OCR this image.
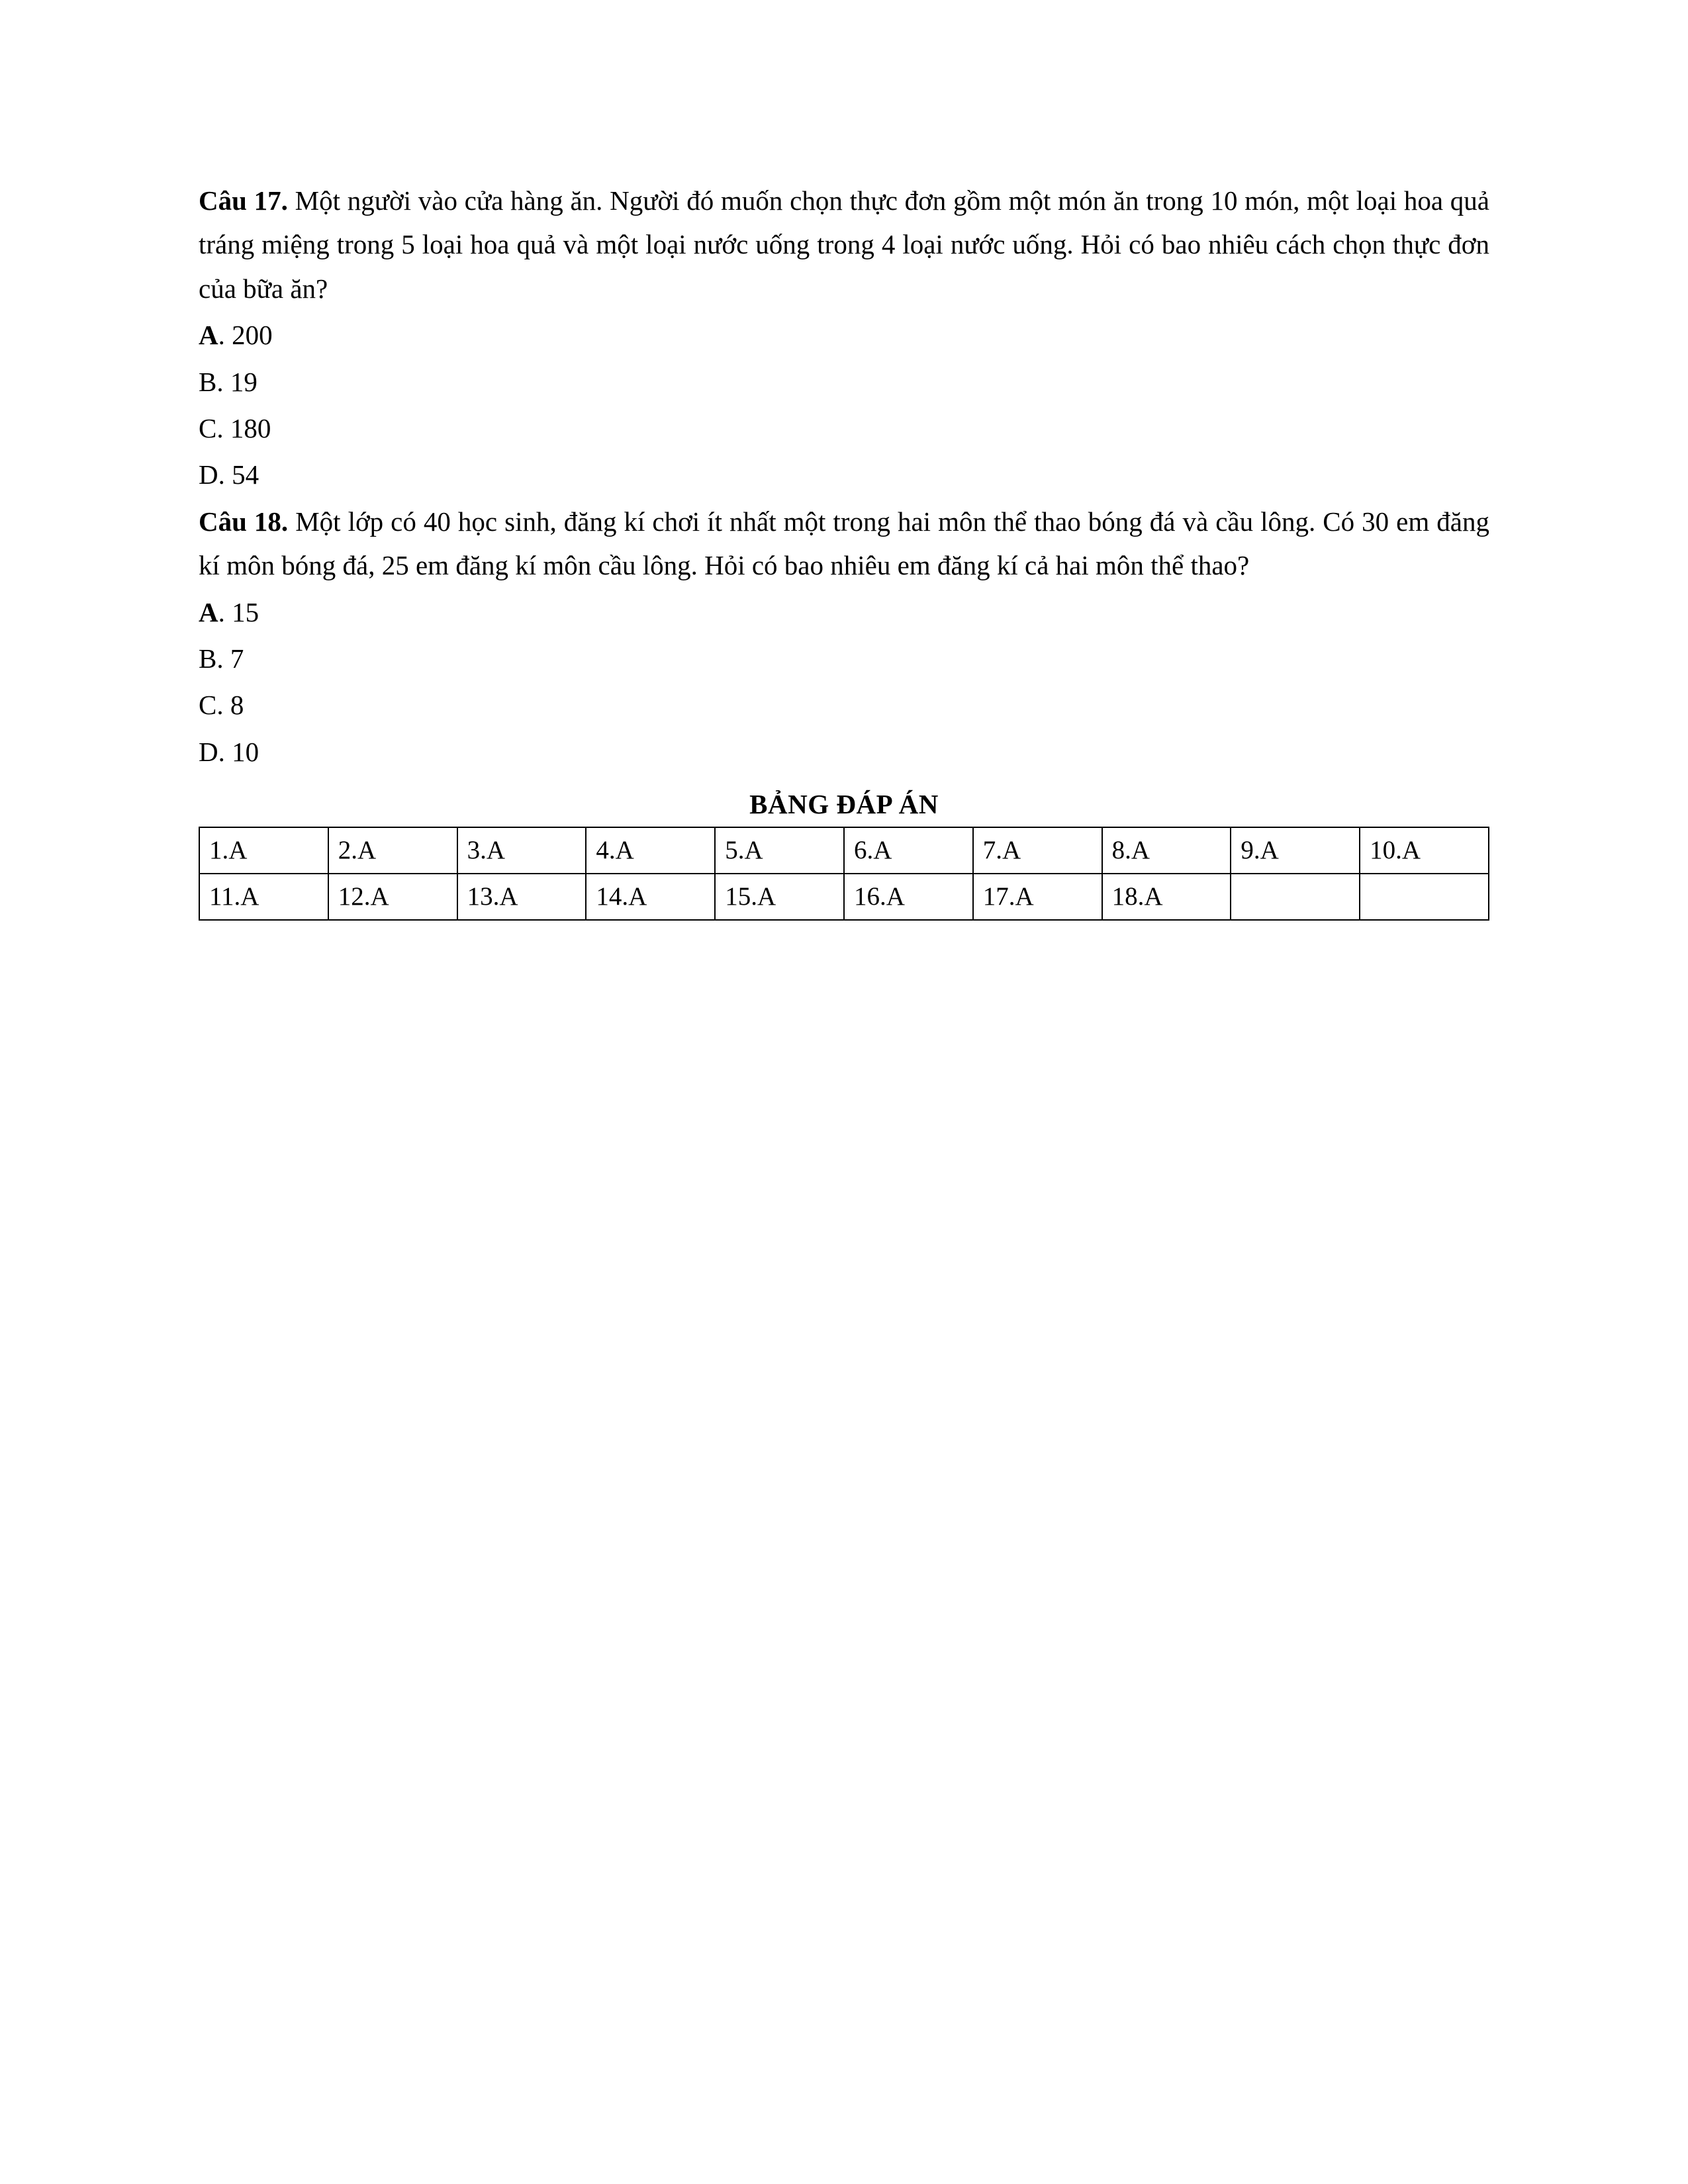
Câu 17. Một người vào cửa hàng ăn. Người đó muốn chọn thực đơn gồm một món ăn trong 10 món, một loại hoa quả tráng miệng trong 5 loại hoa quả và một loại nước uống trong 4 loại nước uống. Hỏi có bao nhiêu cách chọn thực đơn của bữa ăn?

A. 200

B. 19

C. 180

D. 54

Câu 18. Một lớp có 40 học sinh, đăng kí chơi ít nhất một trong hai môn thể thao bóng đá và cầu lông. Có 30 em đăng kí môn bóng đá, 25 em đăng kí môn cầu lông. Hỏi có bao nhiêu em đăng kí cả hai môn thể thao?

A. 15

B. 7

C. 8

D. 10

BẢNG ĐÁP ÁN
1.A	2.A	3.A	4.A	5.A	6.A	7.A	8.A	9.A	10.A
11.A	12.A	13.A	14.A	15.A	16.A	17.A	18.A		
